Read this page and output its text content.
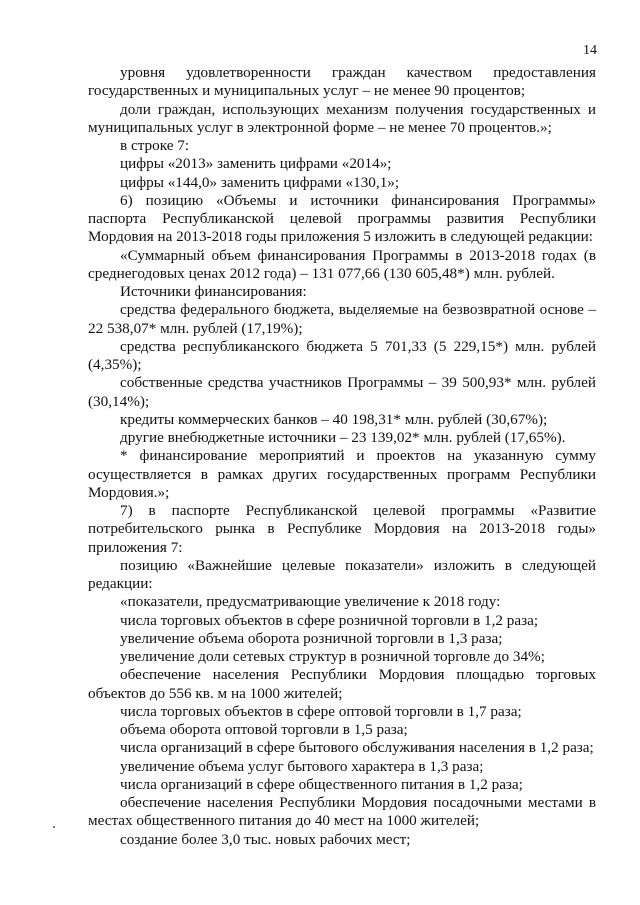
14

уровня удовлетворенности граждан качеством предоставления государственных и муниципальных услуг – не менее 90 процентов;

доли граждан, использующих механизм получения государственных и муниципальных услуг в электронной форме – не менее 70 процентов.»;

в строке 7:

цифры «2013» заменить цифрами «2014»;

цифры «144,0» заменить цифрами «130,1»;

6) позицию «Объемы и источники финансирования Программы» паспорта Республиканской целевой программы развития Республики Мордовия на 2013-2018 годы приложения 5 изложить в следующей редакции:

«Суммарный объем финансирования Программы в 2013-2018 годах (в среднегодовых ценах 2012 года) – 131 077,66 (130 605,48*) млн. рублей.

Источники финансирования:

средства федерального бюджета, выделяемые на безвозвратной основе – 22 538,07* млн. рублей (17,19%);

средства республиканского бюджета 5 701,33 (5 229,15*) млн. рублей (4,35%);

собственные средства участников Программы – 39 500,93* млн. рублей (30,14%);

кредиты коммерческих банков – 40 198,31* млн. рублей (30,67%);

другие внебюджетные источники – 23 139,02* млн. рублей (17,65%).

* финансирование мероприятий и проектов на указанную сумму осуществляется в рамках других государственных программ Республики Мордовия.»;

7) в паспорте Республиканской целевой программы «Развитие потребительского рынка в Республике Мордовия на 2013-2018 годы» приложения 7:

позицию «Важнейшие целевые показатели» изложить в следующей редакции:

«показатели, предусматривающие увеличение к 2018 году:

числа торговых объектов в сфере розничной торговли в 1,2 раза;

увеличение объема оборота розничной торговли в 1,3 раза;

увеличение доли сетевых структур в розничной торговле до 34%;

обеспечение населения Республики Мордовия площадью торговых объектов до 556 кв. м на 1000 жителей;

числа торговых объектов в сфере оптовой торговли в 1,7 раза;

объема оборота оптовой торговли в 1,5 раза;

числа организаций в сфере бытового обслуживания населения в 1,2 раза;

увеличение объема услуг бытового характера в 1,3 раза;

числа организаций в сфере общественного питания в 1,2 раза;

обеспечение населения Республики Мордовия посадочными местами в местах общественного питания до 40 мест на 1000 жителей;

создание более 3,0 тыс. новых рабочих мест;
